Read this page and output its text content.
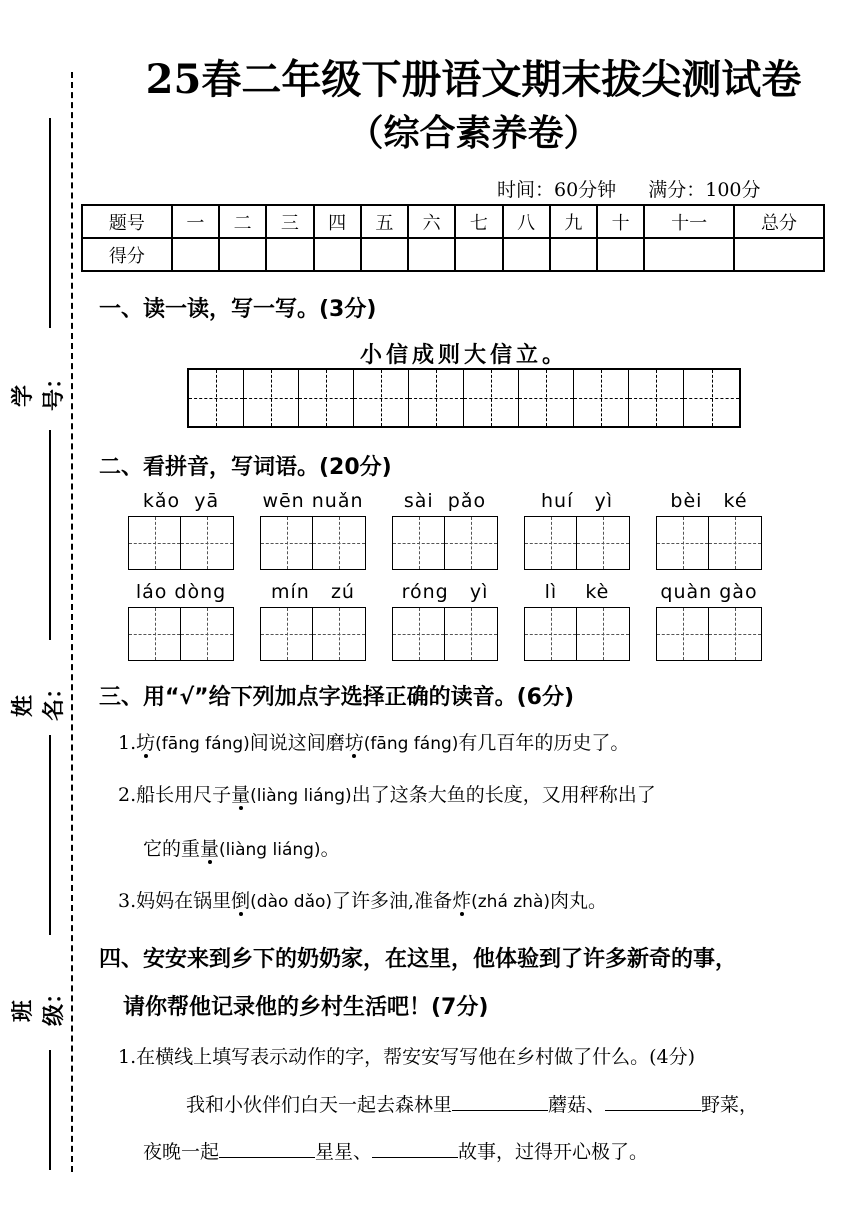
学号：
姓名：
班级：
25春二年级下册语文期末拔尖测试卷
（综合素养卷）
时间：60分钟 满分：100分
题号	一	二	三	四	五	六	七	八	九	十	十一	总分
得分												
一、读一读，写一写。(3分)
小信成则大信立。
二、看拼音，写词语。(20分)
kǎo  yā	wēn nuǎn	sài  pǎo	huí   yì	bèi   ké
láo dòng	mín   zú	róng   yì	lì    kè	quàn gào
三、用“√”给下列加点字选择正确的读音。(6分)
1.坊(fāng fáng)间说这间磨坊(fāng fáng)有几百年的历史了。
2.船长用尺子量(liàng liáng)出了这条大鱼的长度，又用秤称出了
它的重量(liàng liáng)。
3.妈妈在锅里倒(dào dǎo)了许多油,准备炸(zhá zhà)肉丸。
四、安安来到乡下的奶奶家，在这里，他体验到了许多新奇的事，
请你帮他记录他的乡村生活吧！(7分)
1.在横线上填写表示动作的字，帮安安写写他在乡村做了什么。(4分)
我和小伙伴们白天一起去森林里	蘑菇、	野菜，
夜晚一起	星星、	故事，过得开心极了。
